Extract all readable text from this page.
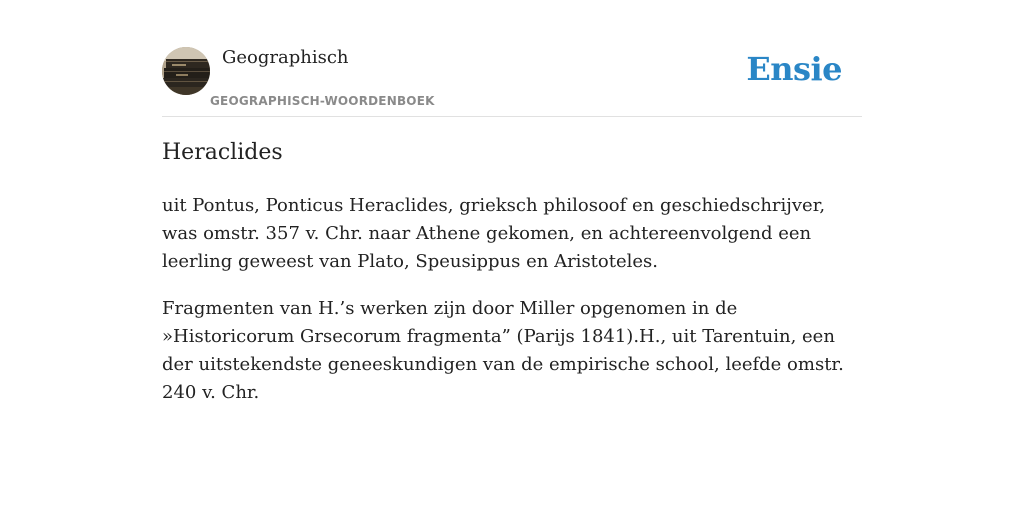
Geographisch
GEOGRAPHISCH-WOORDENBOEK
Ensie
Heraclides

uit Pontus, Ponticus Heraclides, grieksch philosoof en geschiedschrijver, was omstr. 357 v. Chr. naar Athene gekomen, en achtereenvolgend een leerling geweest van Plato, Speusippus en Aristoteles.

Fragmenten van H.’s werken zijn door Miller opgenomen in de »Historicorum Grsecorum fragmenta” (Parijs 1841).H., uit Tarentuin, een der uitstekendste geneeskundigen van de empirische school, leefde omstr. 240 v. Chr.
